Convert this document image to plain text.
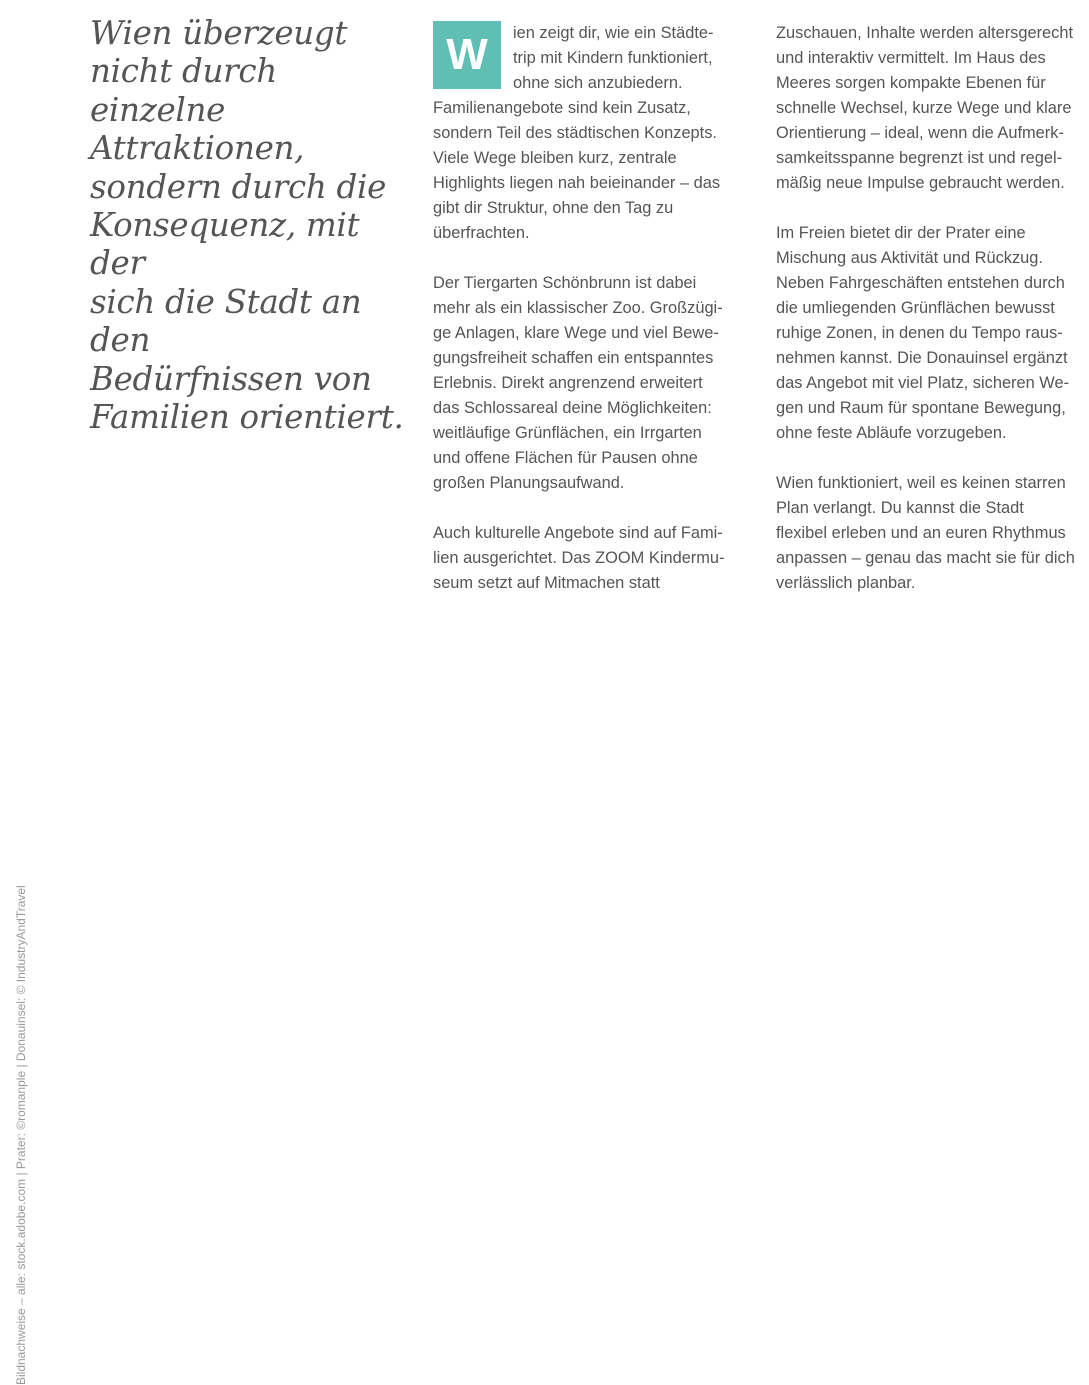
Wien überzeugt
nicht durch einzelne
Attraktionen,
sondern durch die
Konsequenz, mit der
sich die Stadt an den
Bedürfnissen von
Familien orientiert.

W	ien zeigt dir, wie ein Städte-
trip mit Kindern funktioniert,
ohne sich anzubiedern.
Familienangebote sind kein Zusatz,
sondern Teil des städtischen Konzepts.
Viele Wege bleiben kurz, zentrale
Highlights liegen nah beieinander – das
gibt dir Struktur, ohne den Tag zu
überfrachten.

Der Tiergarten Schönbrunn ist dabei
mehr als ein klassischer Zoo. Großzügi-
ge Anlagen, klare Wege und viel Bewe-
gungsfreiheit schaffen ein entspanntes
Erlebnis. Direkt angrenzend erweitert
das Schlossareal deine Möglichkeiten:
weitläufige Grünflächen, ein Irrgarten
und offene Flächen für Pausen ohne
großen Planungsaufwand.

Auch kulturelle Angebote sind auf Fami-
lien ausgerichtet. Das ZOOM Kindermu-
seum setzt auf Mitmachen statt

Zuschauen, Inhalte werden altersgerecht
und interaktiv vermittelt. Im Haus des
Meeres sorgen kompakte Ebenen für
schnelle Wechsel, kurze Wege und klare
Orientierung – ideal, wenn die Aufmerk-
samkeitsspanne begrenzt ist und regel-
mäßig neue Impulse gebraucht werden.

Im Freien bietet dir der Prater eine
Mischung aus Aktivität und Rückzug.
Neben Fahrgeschäften entstehen durch
die umliegenden Grünflächen bewusst
ruhige Zonen, in denen du Tempo raus-
nehmen kannst. Die Donauinsel ergänzt
das Angebot mit viel Platz, sicheren We-
gen und Raum für spontane Bewegung,
ohne feste Abläufe vorzugeben.

Wien funktioniert, weil es keinen starren
Plan verlangt. Du kannst die Stadt
flexibel erleben und an euren Rhythmus
anpassen – genau das macht sie für dich
verlässlich planbar.

Bildnachweise – alle: stock.adobe.com | Prater: ©romanple | Donauinsel: © IndustryAndTravel
